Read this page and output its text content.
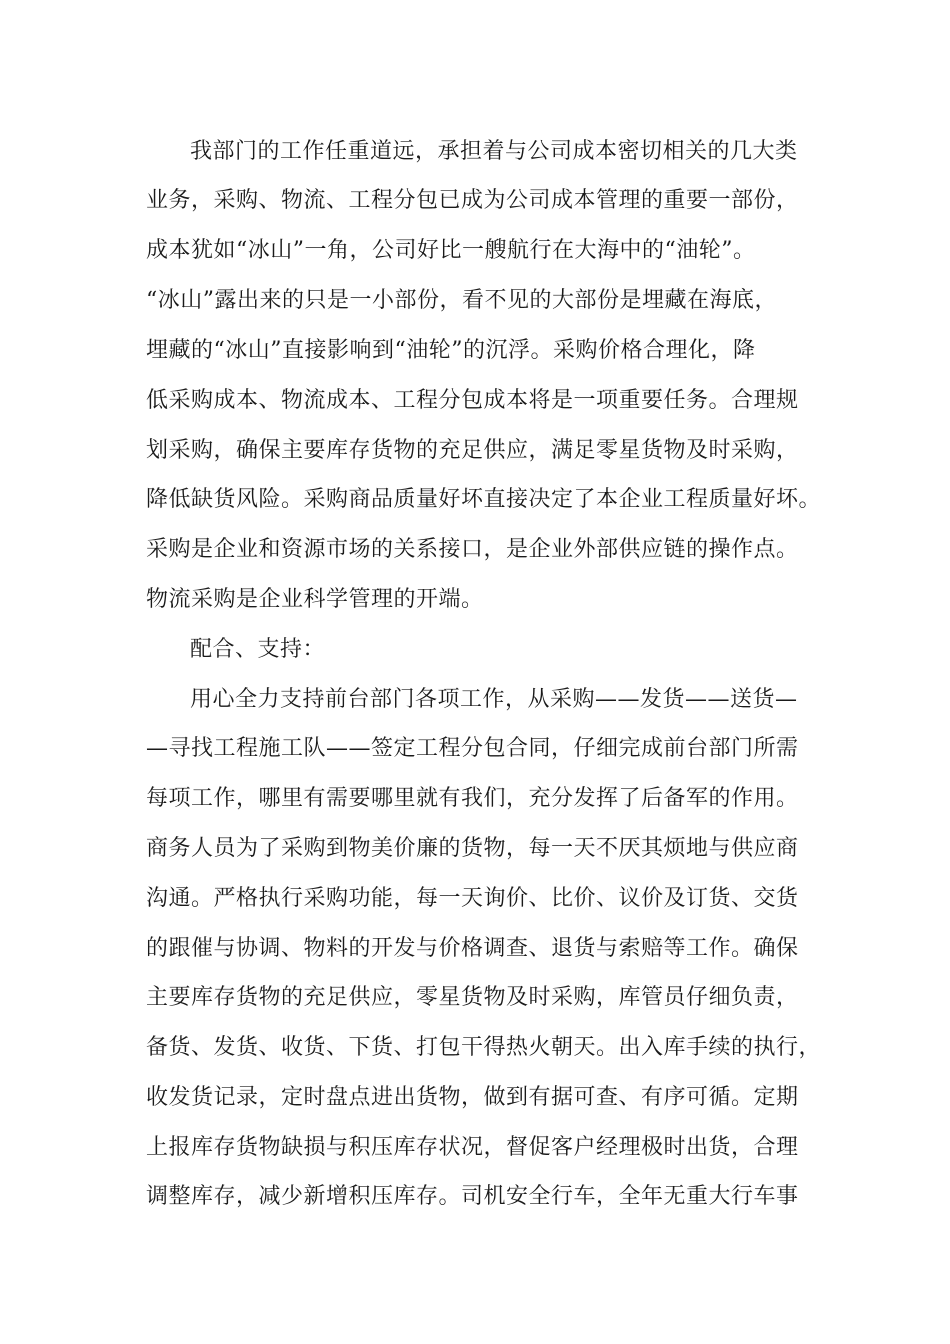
我部门的工作任重道远，承担着与公司成本密切相关的几大类
业务，采购、物流、工程分包已成为公司成本管理的重要一部份，
成本犹如“冰山”一角，公司好比一艘航行在大海中的“油轮”。
“冰山”露出来的只是一小部份，看不见的大部份是埋藏在海底，
埋藏的“冰山”直接影响到“油轮”的沉浮。采购价格合理化，降
低采购成本、物流成本、工程分包成本将是一项重要任务。合理规
划采购，确保主要库存货物的充足供应，满足零星货物及时采购，
降低缺货风险。采购商品质量好坏直接决定了本企业工程质量好坏。
采购是企业和资源市场的关系接口，是企业外部供应链的操作点。
物流采购是企业科学管理的开端。
配合、支持：
用心全力支持前台部门各项工作，从采购——发货——送货—
—寻找工程施工队——签定工程分包合同，仔细完成前台部门所需
每项工作，哪里有需要哪里就有我们，充分发挥了后备军的作用。
商务人员为了采购到物美价廉的货物，每一天不厌其烦地与供应商
沟通。严格执行采购功能，每一天询价、比价、议价及订货、交货
的跟催与协调、物料的开发与价格调查、退货与索赔等工作。确保
主要库存货物的充足供应，零星货物及时采购，库管员仔细负责，
备货、发货、收货、下货、打包干得热火朝天。出入库手续的执行，
收发货记录，定时盘点进出货物，做到有据可查、有序可循。定期
上报库存货物缺损与积压库存状况，督促客户经理极时出货，合理
调整库存，减少新增积压库存。司机安全行车，全年无重大行车事
